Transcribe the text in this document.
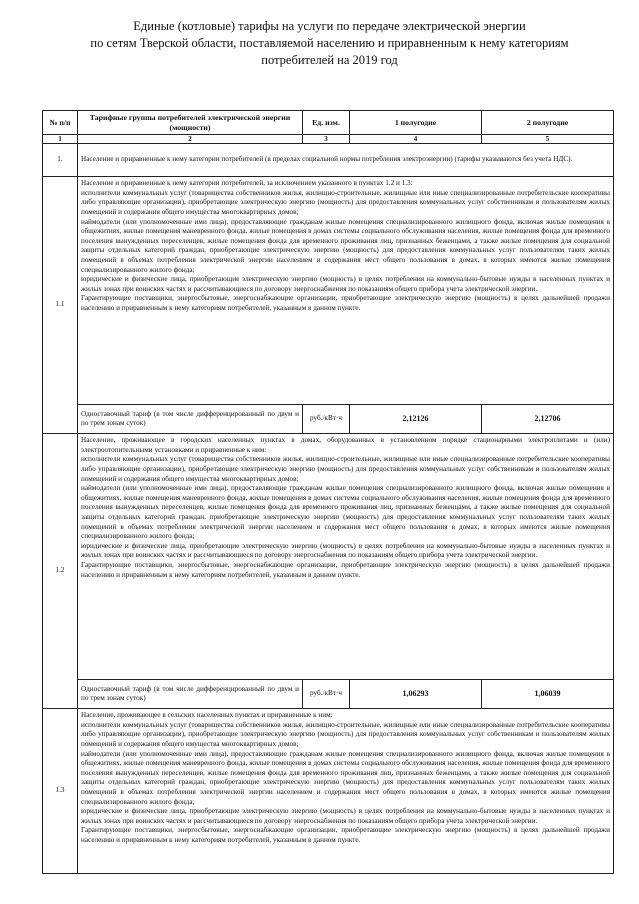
Единые (котловые) тарифы на услуги по передаче электрической энергии
по сетям Тверской области, поставляемой населению и приравненным к нему категориям
потребителей на 2019 год
№ п/п	Тарифные группы потребителей электрической энергии (мощности)	Ед. изм.	1 полугодие	2 полугодие
1	2	3	4	5
1.	Население и приравненные к нему категории потребителей (в пределах социальной нормы потребления электроэнергии) (тарифы указываются без учета НДС).			
1.1	Население и приравненные к нему категории потребителей, за исключением указанного в пунктах 1.2 и 1.3:

исполнители коммунальных услуг (товарищества собственников жилья, жилищно-строительные, жилищные или иные специализированные потребительские кооперативы либо управляющие организации), приобретающие электрическую энергию (мощность) для предоставления коммунальных услуг собственникам и пользователям жилых помещений и содержания общего имущества многоквартирных домов;

наймодатели (или уполномоченные ими лица), предоставляющие гражданам жилые помещения специализированного жилищного фонда, включая жилые помещения в общежитиях, жилые помещения маневренного фонда, жилые помещения в домах системы социального обслуживания населения, жилые помещения фонда для временного поселения вынужденных переселенцев, жилые помещения фонда для временного проживания лиц, признанных беженцами, а также жилые помещения для социальной защиты отдельных категорий граждан, приобретающие электрическую энергию (мощность) для предоставления коммунальных услуг пользователям таких жилых помещений в объемах потребления электрической энергии населением и содержания мест общего пользования в домах, в которых имеются жилые помещения специализированного жилого фонда;

юридические и физические лица, приобретающие электрическую энергию (мощность) в целях потребления на коммунально-бытовые нужды в населенных пунктах и жилых зонах при воинских частях и рассчитывающиеся по договору энергоснабжения по показаниям общего прибора учета электрической энергии.

Гарантирующие поставщики, энергосбытовые, энергоснабжающие организации, приобретающие электрическую энергию (мощность) в целях дальнейшей продажи населению и приравненным к нему категориям потребителей, указанным в данном пункте.			

	Одноставочный тариф (в том числе дифференцированный по двум и по трем зонам суток)	руб./кВт·ч	2,12126	2,12706
1.2	Население, проживающее в городских населенных пунктах в домах, оборудованных в установленном порядке стационарными электроплитами и (или) электроотопительными установками и приравненные к ним:

исполнители коммунальных услуг (товарищества собственников жилья, жилищно-строительные, жилищные или иные специализированные потребительские кооперативы либо управляющие организации), приобретающие электрическую энергию (мощность) для предоставления коммунальных услуг собственникам и пользователям жилых помещений и содержания общего имущества многоквартирных домов;

наймодатели (или уполномоченные ими лица), предоставляющие гражданам жилые помещения специализированного жилищного фонда, включая жилые помещения в общежитиях, жилые помещения маневренного фонда, жилые помещения в домах системы социального обслуживания населения, жилые помещения фонда для временного поселения вынужденных переселенцев, жилые помещения фонда для временного проживания лиц, признанных беженцами, а также жилые помещения для социальной защиты отдельных категорий граждан, приобретающие электрическую энергию (мощность) для предоставления коммунальных услуг пользователям таких жилых помещений в объемах потребления электрической энергии населением и содержания мест общего пользования в домах, в которых имеются жилые помещения специализированного жилого фонда;

юридические и физические лица, приобретающие электрическую энергию (мощность) в целях потребления на коммунально-бытовые нужды в населенных пунктах и жилых зонах при воинских частях и рассчитывающиеся по договору энергоснабжения по показаниям общего прибора учета электрической энергии.

Гарантирующие поставщики, энергосбытовые, энергоснабжающие организации, приобретающие электрическую энергию (мощность) в целях дальнейшей продажи населению и приравненным к нему категориям потребителей, указанным в данном пункте.			

	Одноставочный тариф (в том числе дифференцированный по двум и по трем зонам суток)	руб./кВт·ч	1,06293	1,06039
1.3	Население, проживающее в сельских населенных пунктах и приравненные к ним:

исполнители коммунальных услуг (товарищества собственников жилья, жилищно-строительные, жилищные или иные специализированные потребительские кооперативы либо управляющие организации), приобретающие электрическую энергию (мощность) для предоставления коммунальных услуг собственникам и пользователям жилых помещений и содержания общего имущества многоквартирных домов;

наймодатели (или уполномоченные ими лица), предоставляющие гражданам жилые помещения специализированного жилищного фонда, включая жилые помещения в общежитиях, жилые помещения маневренного фонда, жилые помещения в домах системы социального обслуживания населения, жилые помещения фонда для временного поселения вынужденных переселенцев, жилые помещения фонда для временного проживания лиц, признанных беженцами, а также жилые помещения для социальной защиты отдельных категорий граждан, приобретающие электрическую энергию (мощность) для предоставления коммунальных услуг пользователям таких жилых помещений в объемах потребления электрической энергии населением и содержания мест общего пользования в домах, в которых имеются жилые помещения специализированного жилого фонда;

юридические и физические лица, приобретающие электрическую энергию (мощность) в целях потребления на коммунально-бытовые нужды в населенных пунктах и жилых зонах при воинских частях и рассчитывающиеся по договору энергоснабжения по показаниям общего прибора учета электрической энергии.

Гарантирующие поставщики, энергосбытовые, энергоснабжающие организации, приобретающие электрическую энергию (мощность) в целях дальнейшей продажи населению и приравненным к нему категориям потребителей, указанным в данном пункте.			
